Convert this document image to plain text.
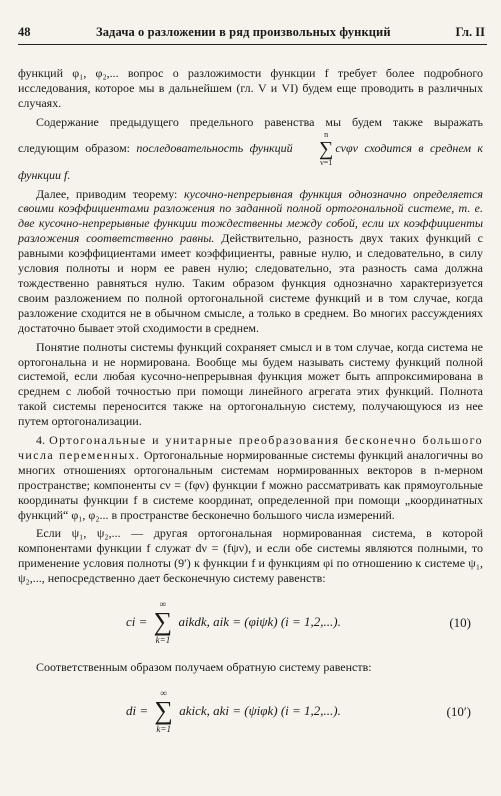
48	Задача о разложении в ряд произвольных функций	Гл. II

функций φ₁, φ₂,... вопрос о разложимости функции f требует более подробного исследования, которое мы в дальнейшем (гл. V и VI) будем еще проводить в различных случаях.

Содержание предыдущего предельного равенства мы будем также выражать следующим образом: последовательность функций
n
∑
ν=1
cνφν сходится в среднем к функции f.

Далее, приводим теорему: кусочно-непрерывная функция однозначно определяется своими коэффициентами разложения по заданной полной ортогональной системе, т. е. две кусочно-непрерывные функции тождественны между собой, если их коэффициенты разложения соответственно равны. Действительно, разность двух таких функций с равными коэффициентами имеет коэффициенты, равные нулю, и следовательно, в силу условия полноты и норм ее равен нулю; следовательно, эта разность сама должна тождественно равняться нулю. Таким образом функция однозначно характеризуется своим разложением по полной ортогональной системе функций и в том случае, когда разложение сходится не в обычном смысле, а только в среднем. Во многих рассуждениях достаточно бывает этой сходимости в среднем.

Понятие полноты системы функций сохраняет смысл и в том случае, когда система не ортогональна и не нормирована. Вообще мы будем называть систему функций полной системой, если любая кусочно-непрерывная функция может быть аппроксимирована в среднем с любой точностью при помощи линейного агрегата этих функций. Полнота такой системы переносится также на ортогональную систему, получающуюся из нее путем ортогонализации.

4. Ортогональные и унитарные преобразования бесконечно большого числа переменных. Ортогональные нормированные системы функций аналогичны во многих отношениях ортогональным системам нормированных векторов в n-мерном пространстве; компоненты cν = (fφν) функции f можно рассматривать как прямоугольные координаты функции f в системе координат, определенной при помощи „координатных функций“ φ₁, φ₂... в пространстве бесконечно большого числа измерений.

Если ψ₁, ψ₂,... — другая ортогональная нормированная система, в которой компонентами функции f служат dν = (fψν), и если обе системы являются полными, то применение условия полноты (9′) к функции f и функциям φi по отношению к системе ψ₁, ψ₂,..., непосредственно дает бесконечную систему равенств:

ci =
∞
∑
k=1
aikdk, aik = (φiψk) (i = 1,2,...).	(10)

Соответственным образом получаем обратную систему равенств:

di =
∞
∑
k=1
akick, aki = (ψiφk) (i = 1,2,...).	(10′)
